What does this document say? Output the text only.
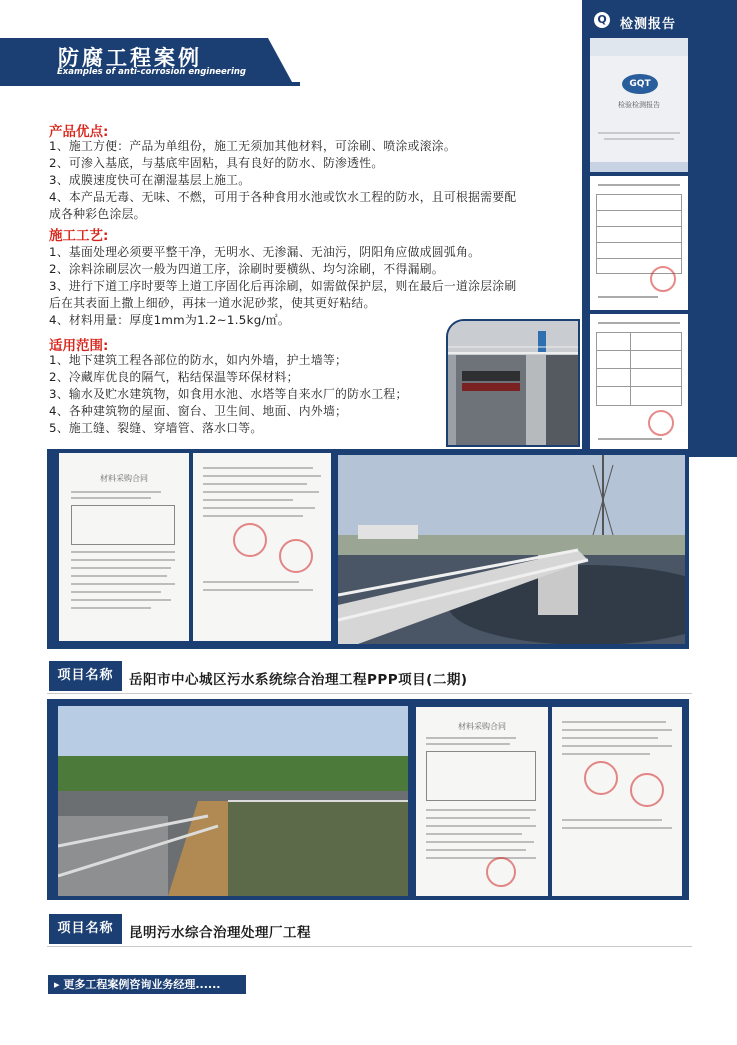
防腐工程案例
Examples of anti-corrosion engineering
Q 检测报告
GQT
检验检测报告
产品优点:
1、施工方便：产品为单组份，施工无须加其他材料，可涂刷、喷涂或滚涂。
2、可渗入基底，与基底牢固粘，具有良好的防水、防渗透性。
3、成膜速度快可在潮湿基层上施工。
4、本产品无毒、无味、不燃，可用于各种食用水池或饮水工程的防水，且可根据需要配
成各种彩色涂层。
施工工艺:
1、基面处理必须要平整干净，无明水、无渗漏、无油污，阴阳角应做成圆弧角。
2、涂料涂刷层次一般为四道工序，涂刷时要横纵、均匀涂刷，不得漏刷。
3、进行下道工序时要等上道工序固化后再涂刷，如需做保护层，则在最后一道涂层涂刷
后在其表面上撒上细砂，再抹一道水泥砂浆，使其更好粘结。
4、材料用量：厚度1mm为1.2~1.5kg/㎡。
适用范围:
1、地下建筑工程各部位的防水，如内外墙，护土墙等；
2、冷藏库优良的隔气，粘结保温等环保材料；
3、输水及贮水建筑物，如食用水池、水塔等自来水厂的防水工程；
4、各种建筑物的屋面、窗台、卫生间、地面、内外墙；
5、施工缝、裂缝、穿墙管、落水口等。
材料采购合同
项目名称	岳阳市中心城区污水系统综合治理工程PPP项目(二期)
材料采购合同
项目名称	昆明污水综合治理处理厂工程
▸ 更多工程案例咨询业务经理......
